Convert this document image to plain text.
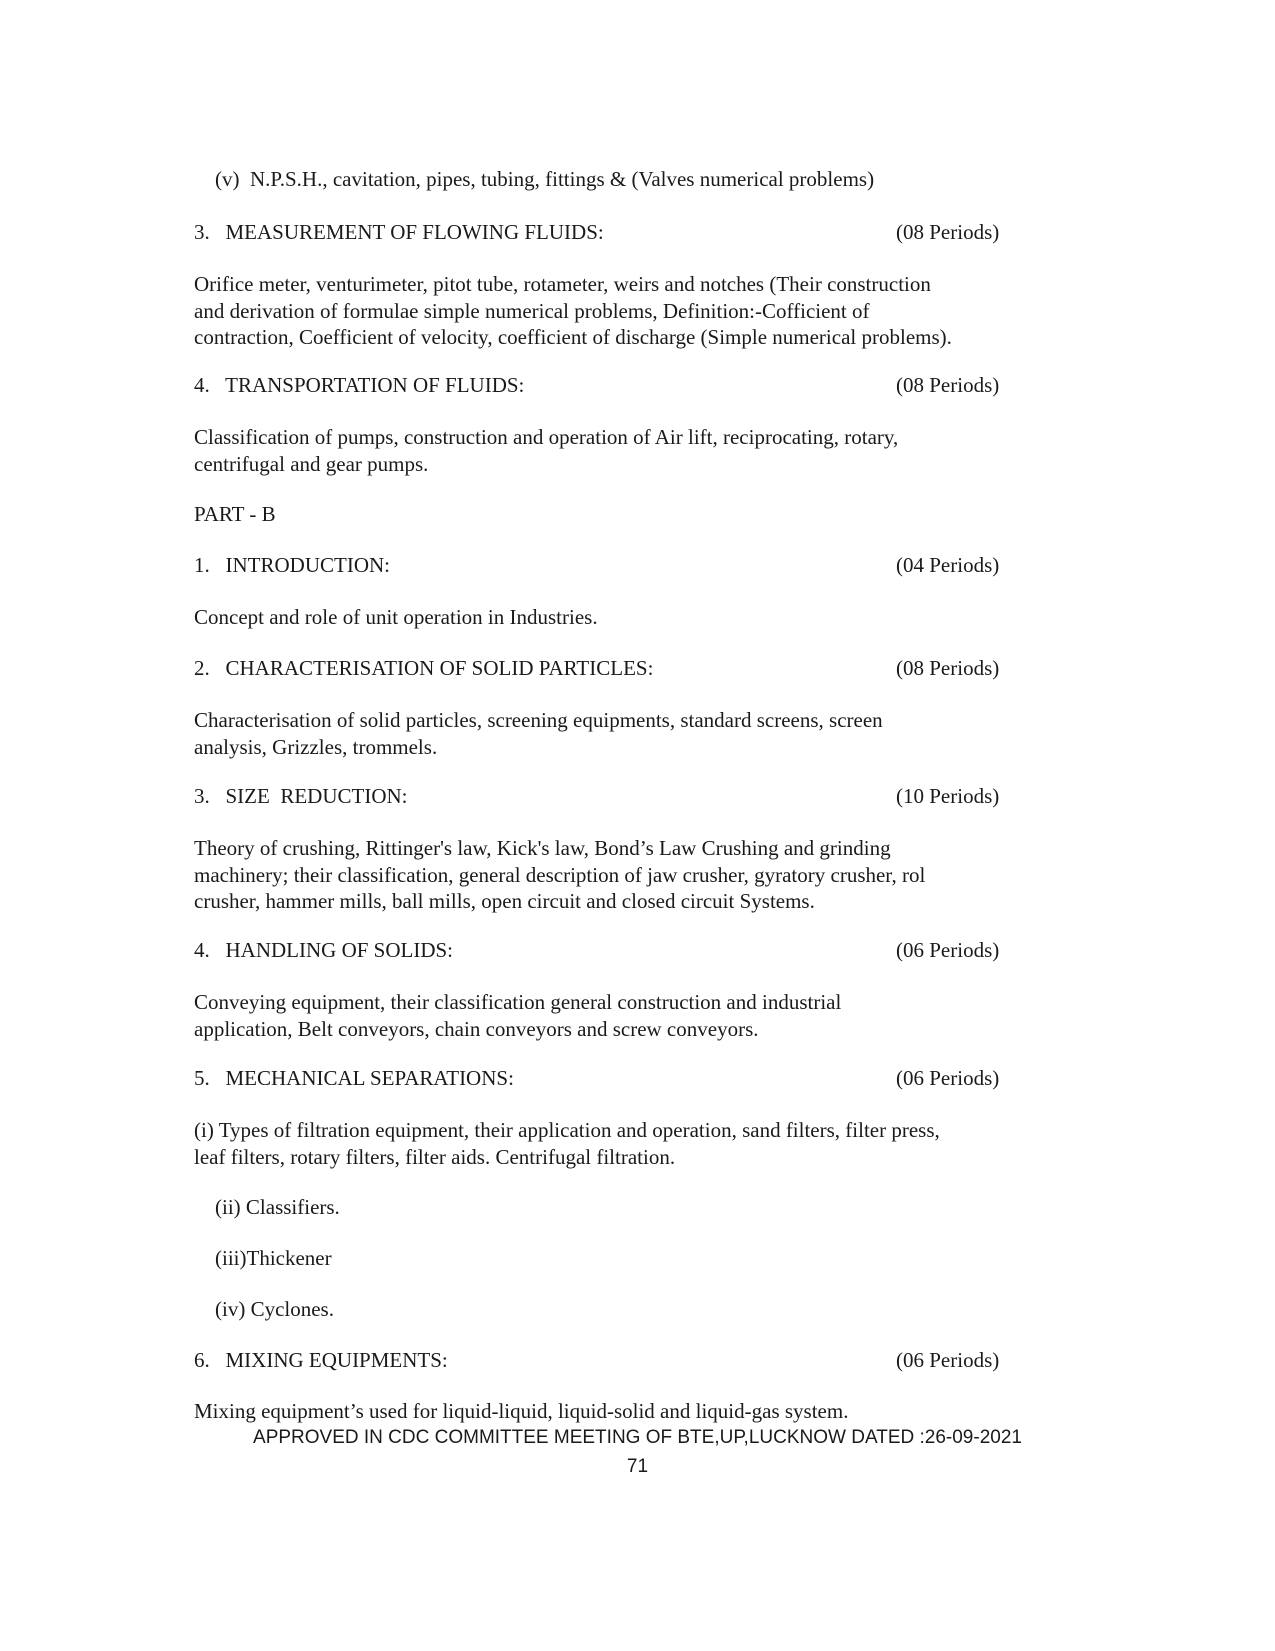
(v)  N.P.S.H., cavitation, pipes, tubing, fittings & (Valves numerical problems)
3.   MEASUREMENT OF FLOWING FLUIDS:	(08 Periods)
Orifice meter, venturimeter, pitot tube, rotameter, weirs and notches (Their construction
and derivation of formulae simple numerical problems, Definition:-Cofficient of
contraction, Coefficient of velocity, coefficient of discharge (Simple numerical problems).
4.   TRANSPORTATION OF FLUIDS:	(08 Periods)
Classification of pumps, construction and operation of Air lift, reciprocating, rotary,
centrifugal and gear pumps.
PART - B
1.   INTRODUCTION:	(04 Periods)
Concept and role of unit operation in Industries.
2.   CHARACTERISATION OF SOLID PARTICLES:	(08 Periods)
Characterisation of solid particles, screening equipments, standard screens, screen
analysis, Grizzles, trommels.
3.   SIZE  REDUCTION:	(10 Periods)
Theory of crushing, Rittinger's law, Kick's law, Bond’s Law Crushing and grinding
machinery; their classification, general description of jaw crusher, gyratory crusher, rol
crusher, hammer mills, ball mills, open circuit and closed circuit Systems.
4.   HANDLING OF SOLIDS:	(06 Periods)
Conveying equipment, their classification general construction and industrial
application, Belt conveyors, chain conveyors and screw conveyors.
5.   MECHANICAL SEPARATIONS:	(06 Periods)
(i) Types of filtration equipment, their application and operation, sand filters, filter press,
leaf filters, rotary filters, filter aids. Centrifugal filtration.
(ii) Classifiers.
(iii)Thickener
(iv) Cyclones.
6.   MIXING EQUIPMENTS:	(06 Periods)
Mixing equipment’s used for liquid-liquid, liquid-solid and liquid-gas system.
APPROVED IN CDC COMMITTEE MEETING OF BTE,UP,LUCKNOW DATED :26-09-2021
71
